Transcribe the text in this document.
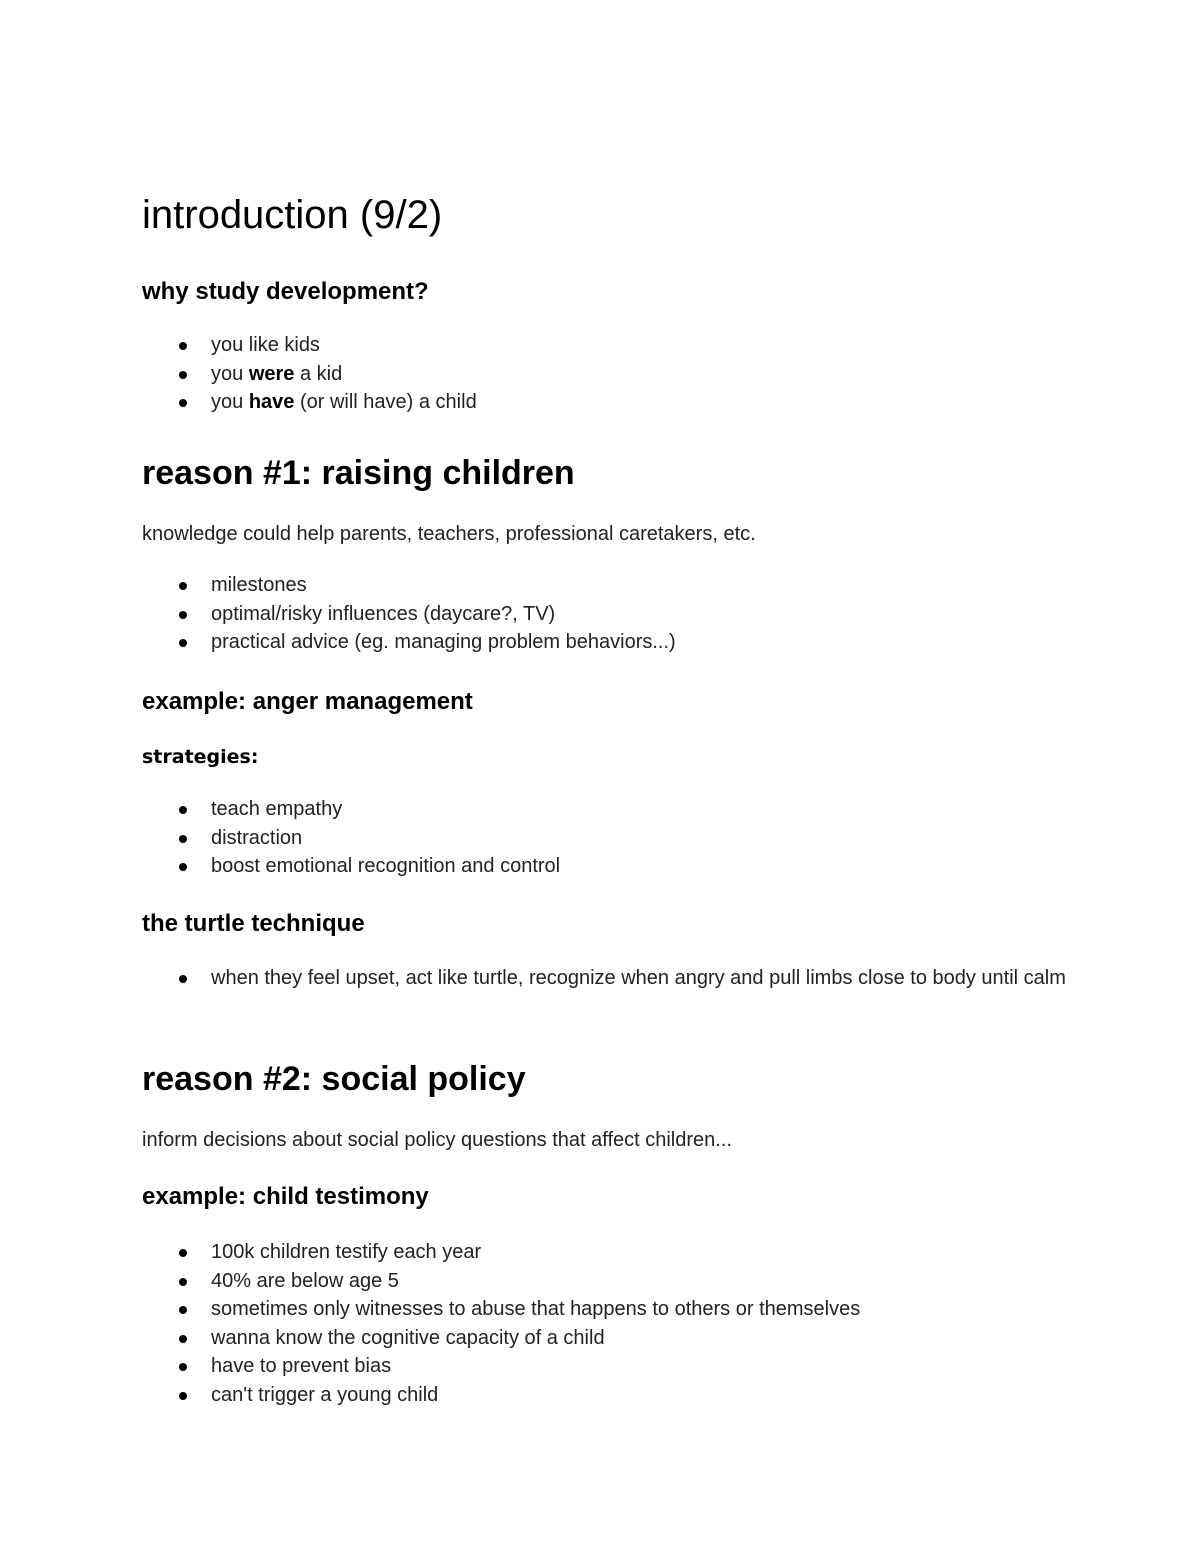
introduction (9/2)
why study development?
you like kids
you were a kid
you have (or will have) a child
reason #1: raising children
knowledge could help parents, teachers, professional caretakers, etc.
milestones
optimal/risky influences (daycare?, TV)
practical advice (eg. managing problem behaviors...)
example: anger management
strategies:
teach empathy
distraction
boost emotional recognition and control
the turtle technique
when they feel upset, act like turtle, recognize when angry and pull limbs close to body until calm
reason #2: social policy
inform decisions about social policy questions that affect children...
example: child testimony
100k children testify each year
40% are below age 5
sometimes only witnesses to abuse that happens to others or themselves
wanna know the cognitive capacity of a child
have to prevent bias
can't trigger a young child
